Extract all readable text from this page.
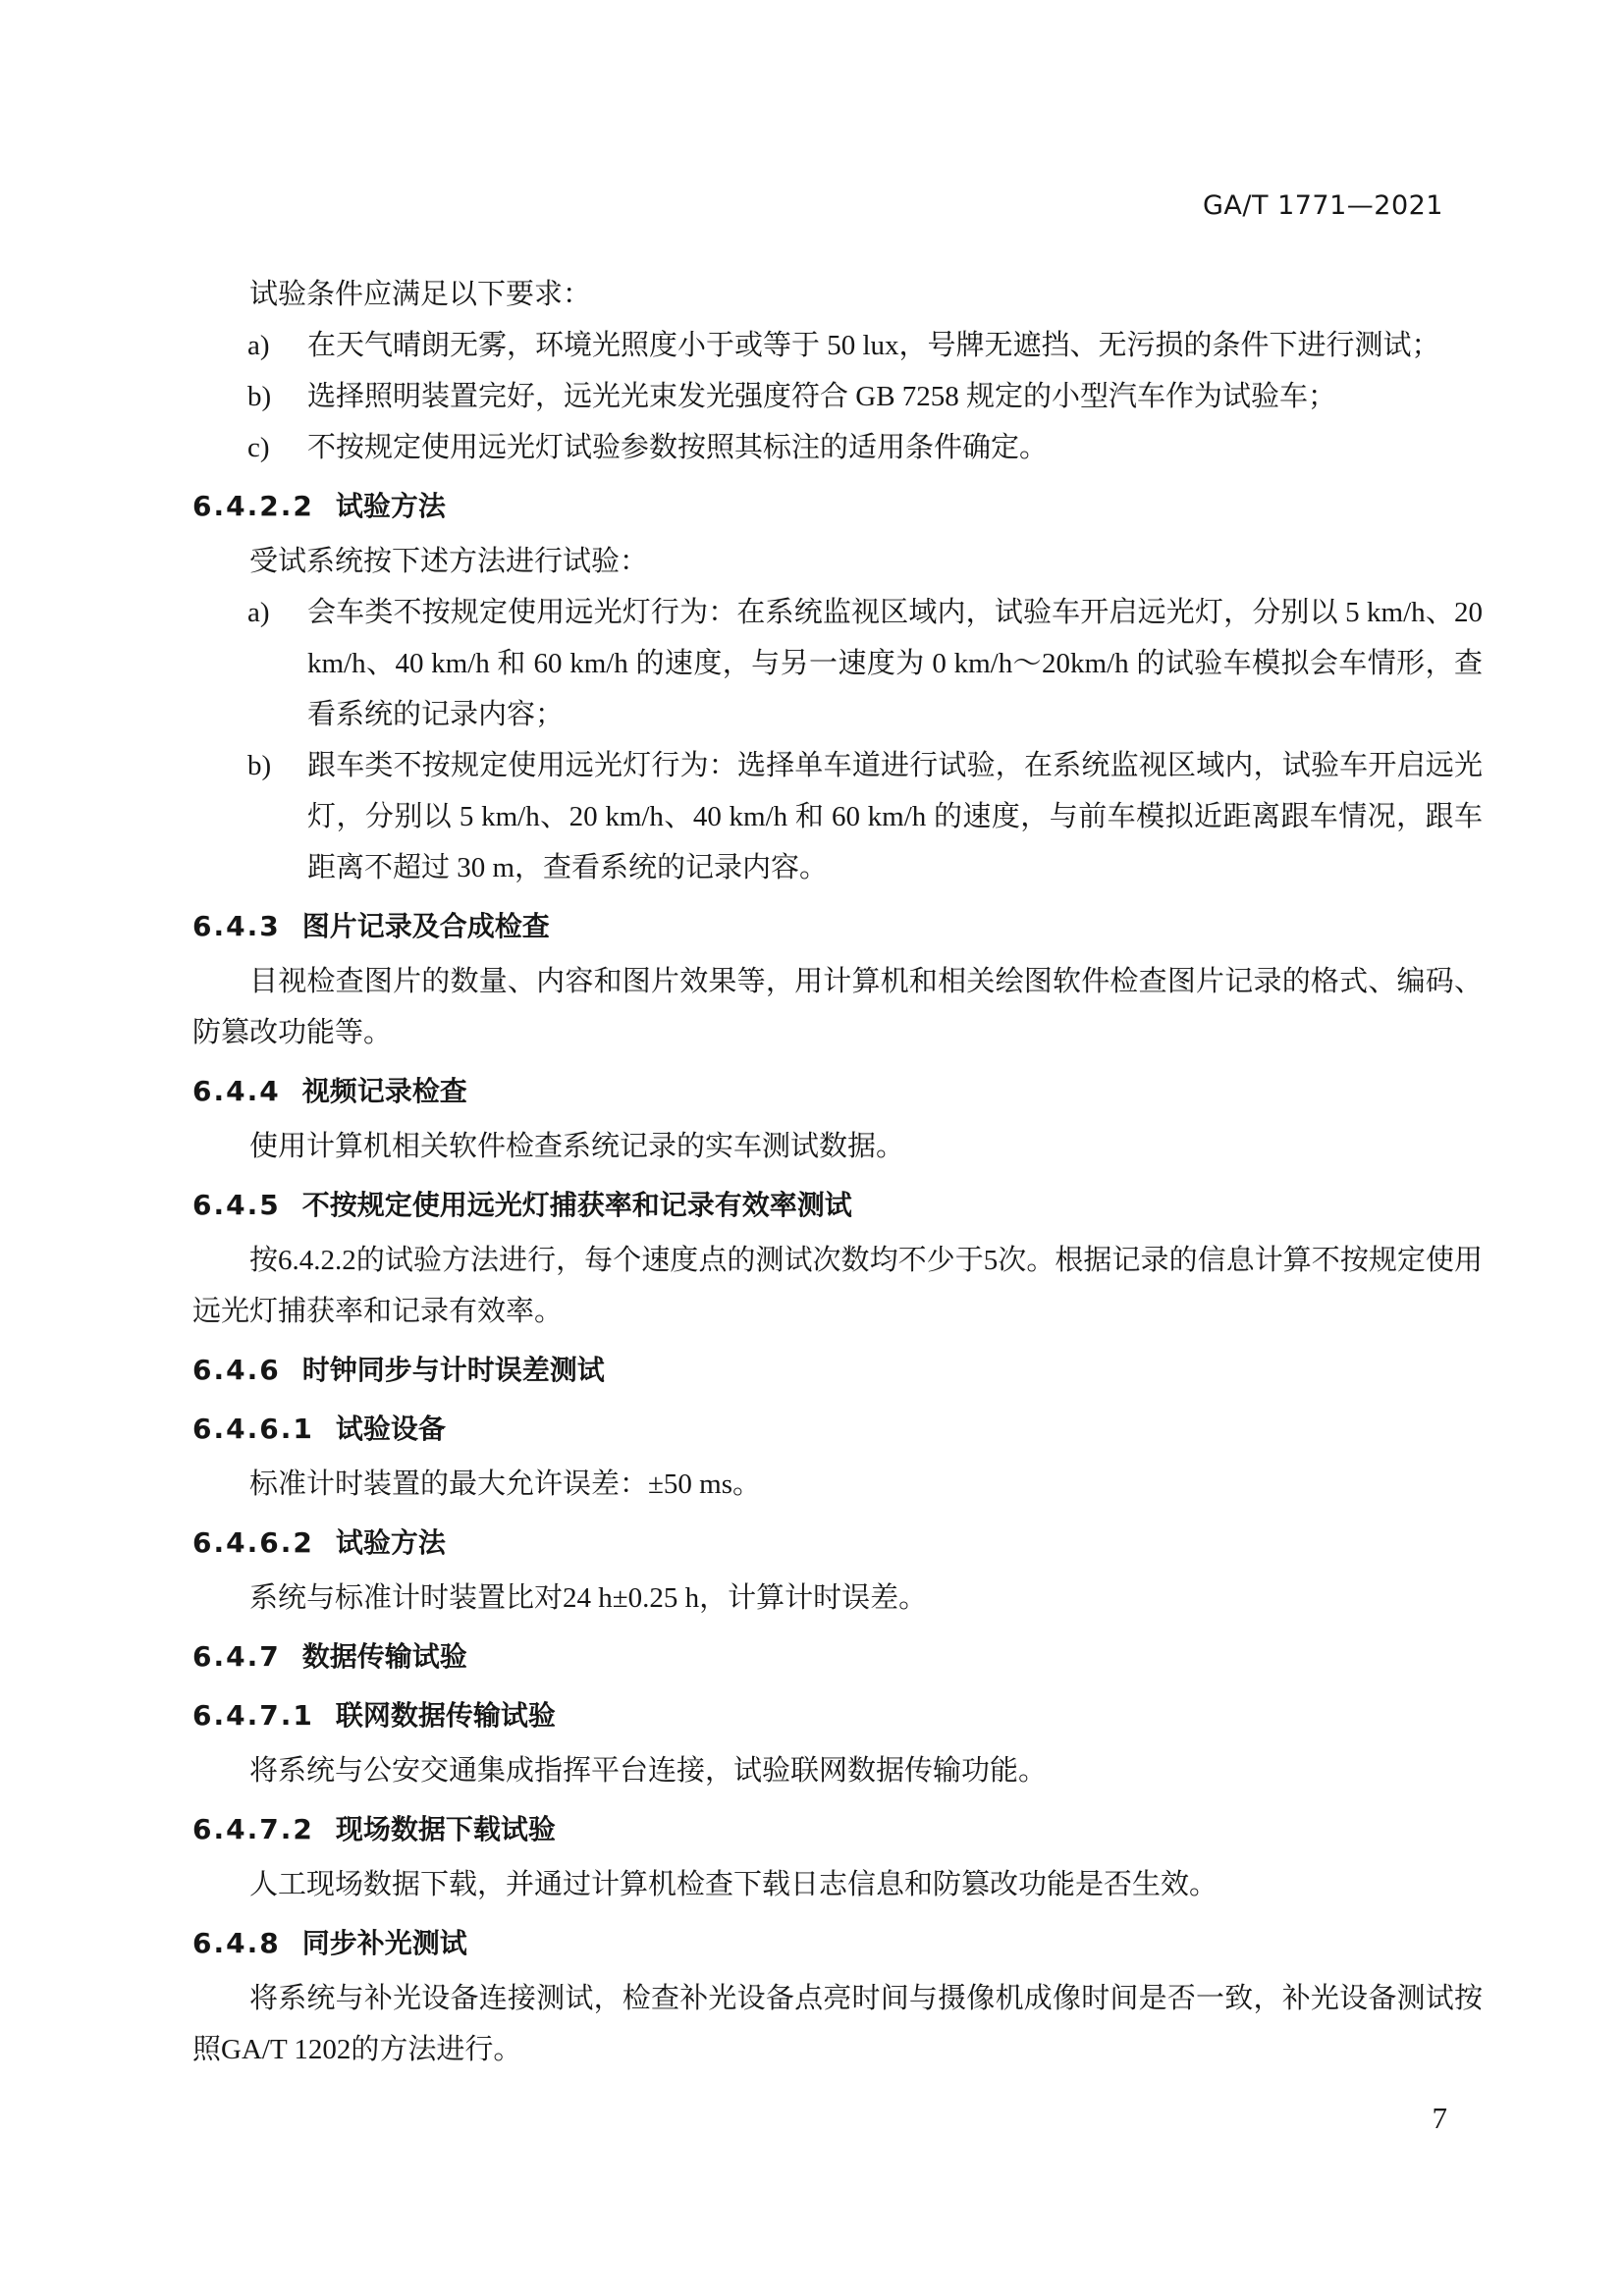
GA/T 1771—2021

试验条件应满足以下要求：

a) 在天气晴朗无雾，环境光照度小于或等于 50 lux，号牌无遮挡、无污损的条件下进行测试；
b) 选择照明装置完好，远光光束发光强度符合 GB 7258 规定的小型汽车作为试验车；
c) 不按规定使用远光灯试验参数按照其标注的适用条件确定。
6.4.2.2 试验方法

受试系统按下述方法进行试验：

a) 会车类不按规定使用远光灯行为：在系统监视区域内，试验车开启远光灯，分别以 5 km/h、20 km/h、40 km/h 和 60 km/h 的速度，与另一速度为 0 km/h～20km/h 的试验车模拟会车情形，查看系统的记录内容；
b) 跟车类不按规定使用远光灯行为：选择单车道进行试验，在系统监视区域内，试验车开启远光灯，分别以 5 km/h、20 km/h、40 km/h 和 60 km/h 的速度，与前车模拟近距离跟车情况，跟车距离不超过 30 m，查看系统的记录内容。
6.4.3 图片记录及合成检查

目视检查图片的数量、内容和图片效果等，用计算机和相关绘图软件检查图片记录的格式、编码、防篡改功能等。

6.4.4 视频记录检查

使用计算机相关软件检查系统记录的实车测试数据。

6.4.5 不按规定使用远光灯捕获率和记录有效率测试

按6.4.2.2的试验方法进行，每个速度点的测试次数均不少于5次。根据记录的信息计算不按规定使用远光灯捕获率和记录有效率。

6.4.6 时钟同步与计时误差测试
6.4.6.1 试验设备

标准计时装置的最大允许误差：±50 ms。

6.4.6.2 试验方法

系统与标准计时装置比对24 h±0.25 h，计算计时误差。

6.4.7 数据传输试验
6.4.7.1 联网数据传输试验

将系统与公安交通集成指挥平台连接，试验联网数据传输功能。

6.4.7.2 现场数据下载试验

人工现场数据下载，并通过计算机检查下载日志信息和防篡改功能是否生效。

6.4.8 同步补光测试

将系统与补光设备连接测试，检查补光设备点亮时间与摄像机成像时间是否一致，补光设备测试按照GA/T 1202的方法进行。

7
